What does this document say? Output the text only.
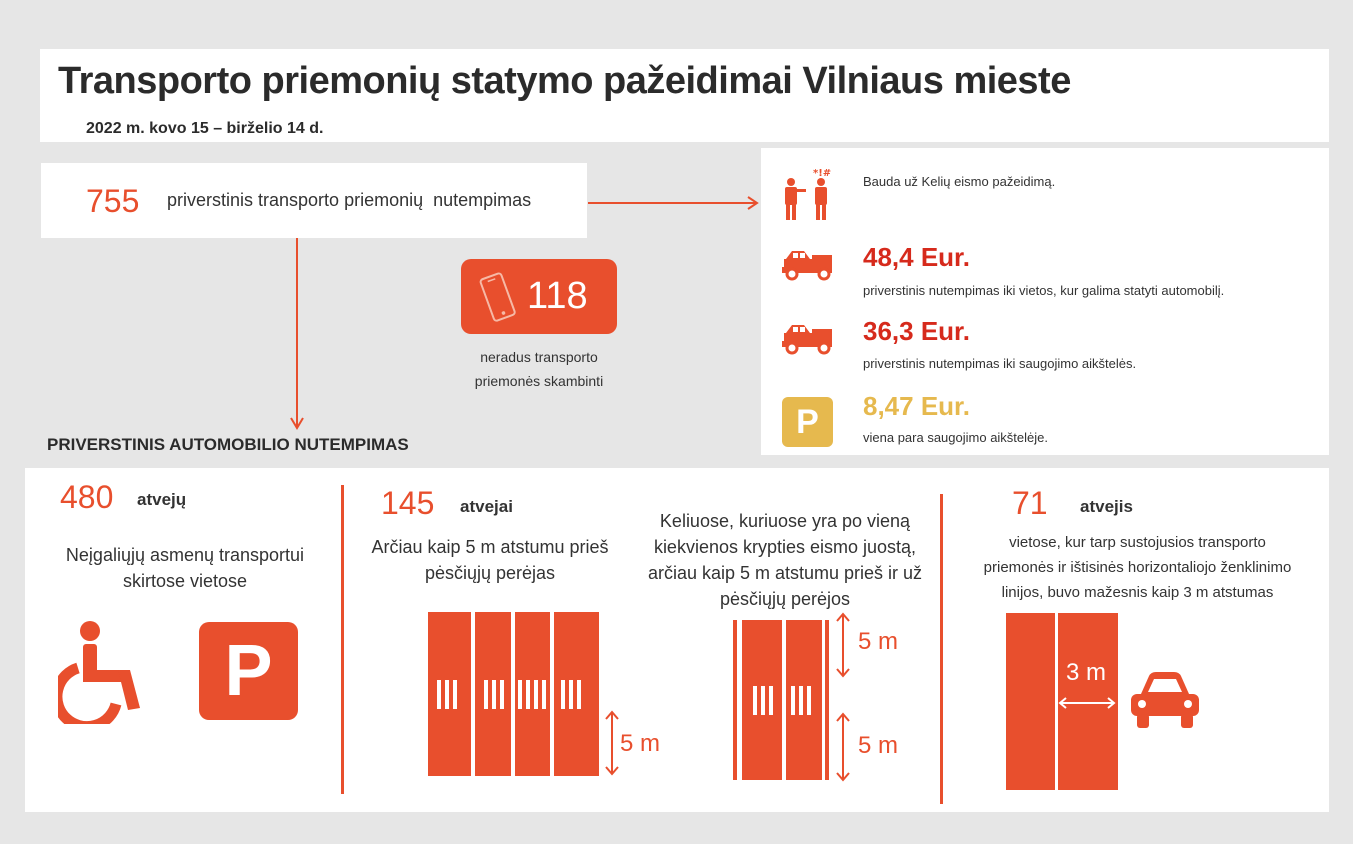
Transporto priemonių statymo pažeidimai Vilniaus mieste
2022 m. kovo 15 – birželio 14 d.
755 priverstinis transporto priemonių  nutempimas
118
neradus transporto
priemonės skambinti
*!#
Bauda už Kelių eismo pažeidimą.
48,4 Eur.
priverstinis nutempimas iki vietos, kur galima statyti automobilį.
36,3 Eur.
priverstinis nutempimas iki saugojimo aikštelės.
P	8,47 Eur.
viena para saugojimo aikštelėje.
PRIVERSTINIS AUTOMOBILIO NUTEMPIMAS
480 atvejų
Neįgaliųjų asmenų transportui
skirtose vietose
P
145 atvejai
Arčiau kaip 5 m atstumu prieš
pėsčiųjų perėjas
5 m
Keliuose, kuriuose yra po vieną
kiekvienos krypties eismo juostą,
arčiau kaip 5 m atstumu prieš ir už
pėsčiųjų perėjos
5 m
5 m
71 atvejis
vietose, kur tarp sustojusios transporto
priemonės ir ištisinės horizontaliojo ženklinimo
linijos, buvo mažesnis kaip 3 m atstumas
3 m
